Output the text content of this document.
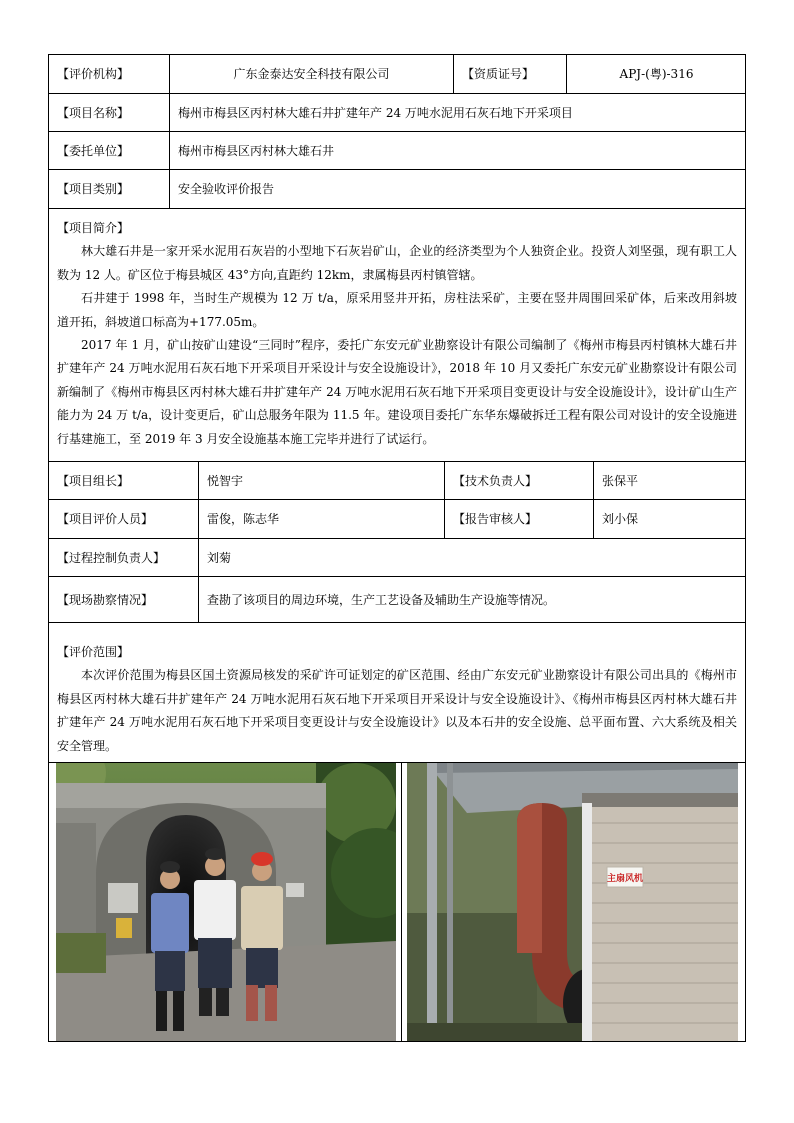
【评价机构】	广东金泰达安全科技有限公司	【资质证号】	APJ-(粤)-316
【项目名称】	梅州市梅县区丙村林大雄石井扩建年产 24 万吨水泥用石灰石地下开采项目
【委托单位】	梅州市梅县区丙村林大雄石井
【项目类别】	安全验收评价报告

【项目简介】

林大雄石井是一家开采水泥用石灰岩的小型地下石灰岩矿山，企业的经济类型为个人独资企业。投资人刘坚强，现有职工人数为 12 人。矿区位于梅县城区 43°方向,直距约 12km，隶属梅县丙村镇管辖。

石井建于 1998 年，当时生产规模为 12 万 t/a，原采用竖井开拓，房柱法采矿，主要在竖井周围回采矿体，后来改用斜坡道开拓，斜坡道口标高为+177.05m。

2017 年 1 月，矿山按矿山建设“三同时”程序，委托广东安元矿业勘察设计有限公司编制了《梅州市梅县丙村镇林大雄石井扩建年产 24 万吨水泥用石灰石地下开采项目开采设计与安全设施设计》，2018 年 10 月又委托广东安元矿业勘察设计有限公司新编制了《梅州市梅县区丙村林大雄石井扩建年产 24 万吨水泥用石灰石地下开采项目变更设计与安全设施设计》，设计矿山生产能力为 24 万 t/a，设计变更后，矿山总服务年限为 11.5 年。建设项目委托广东华东爆破拆迁工程有限公司对设计的安全设施进行基建施工，至 2019 年 3 月安全设施基本施工完毕并进行了试运行。

【项目组长】	悦智宇	【技术负责人】	张保平
【项目评价人员】	雷俊，陈志华	【报告审核人】	刘小保
【过程控制负责人】	刘菊
【现场勘察情况】	查勘了该项目的周边环境，生产工艺设备及辅助生产设施等情况。

【评价范围】

本次评价范围为梅县区国土资源局核发的采矿许可证划定的矿区范围、经由广东安元矿业勘察设计有限公司出具的《梅州市梅县区丙村林大雄石井扩建年产 24 万吨水泥用石灰石地下开采项目开采设计与安全设施设计》、《梅州市梅县区丙村林大雄石井扩建年产 24 万吨水泥用石灰石地下开采项目变更设计与安全设施设计》以及本石井的安全设施、总平面布置、六大系统及相关安全管理。

主扇风机
